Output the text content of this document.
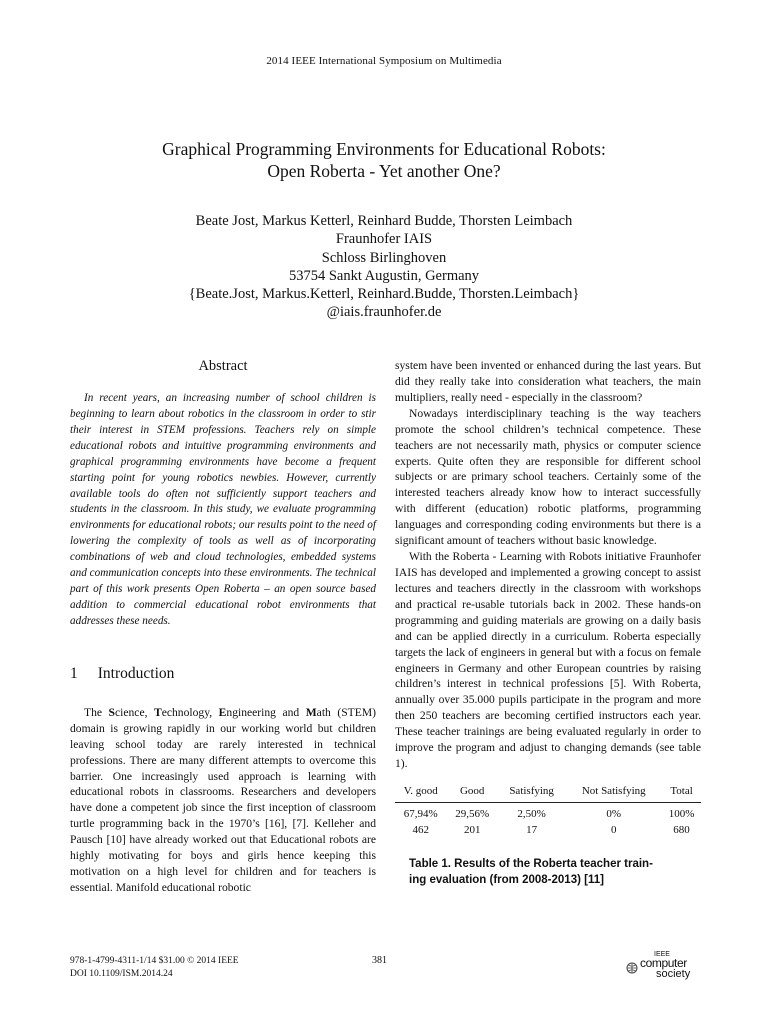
2014 IEEE International Symposium on Multimedia
Graphical Programming Environments for Educational Robots:
Open Roberta - Yet another One?
Beate Jost, Markus Ketterl, Reinhard Budde, Thorsten Leimbach
Fraunhofer IAIS
Schloss Birlinghoven
53754 Sankt Augustin, Germany
{Beate.Jost, Markus.Ketterl, Reinhard.Budde, Thorsten.Leimbach}
@iais.fraunhofer.de
Abstract

In recent years, an increasing number of school children is beginning to learn about robotics in the classroom in order to stir their interest in STEM professions. Teachers rely on simple educational robots and intuitive programming environments and graphical programming environments have become a frequent starting point for young robotics newbies. However, currently available tools do often not sufficiently support teachers and students in the classroom. In this study, we evaluate programming environments for educational robots; our results point to the need of lowering the complexity of tools as well as of incorporating combinations of web and cloud technologies, embedded systems and communication concepts into these environments. The technical part of this work presents Open Roberta – an open source based addition to commercial educational robot environments that addresses these needs.

1 Introduction

The Science, Technology, Engineering and Math (STEM) domain is growing rapidly in our working world but children leaving school today are rarely interested in technical professions. There are many different attempts to overcome this barrier. One increasingly used approach is learning with educational robots in classrooms. Researchers and developers have done a competent job since the first inception of classroom turtle programming back in the 1970’s [16], [7]. Kelleher and Pausch [10] have already worked out that Educational robots are highly motivating for boys and girls hence keeping this motivation on a high level for children and for teachers is essential. Manifold educational robotic

system have been invented or enhanced during the last years. But did they really take into consideration what teachers, the main multipliers, really need - especially in the classroom?

Nowadays interdisciplinary teaching is the way teachers promote the school children’s technical competence. These teachers are not necessarily math, physics or computer science experts. Quite often they are responsible for different school subjects or are primary school teachers. Certainly some of the interested teachers already know how to interact successfully with different (education) robotic platforms, programming languages and corresponding coding environments but there is a significant amount of teachers without basic knowledge.

With the Roberta - Learning with Robots initiative Fraunhofer IAIS has developed and implemented a growing concept to assist lectures and teachers directly in the classroom with workshops and practical re-usable tutorials back in 2002. These hands-on programming and guiding materials are growing on a daily basis and can be applied directly in a curriculum. Roberta especially targets the lack of engineers in general but with a focus on female engineers in Germany and other European countries by raising children’s interest in technical professions [5]. With Roberta, annually over 35.000 pupils participate in the program and more then 250 teachers are becoming certified instructors each year. These teacher trainings are being evaluated regularly in order to improve the program and adjust to changing demands (see table 1).

V. good	Good	Satisfying	Not Satisfying	Total
67,94%	29,56%	2,50%	0%	100%
462	201	17	0	680
Table 1. Results of the Roberta teacher train-
ing evaluation (from 2008-2013) [11]
978-1-4799-4311-1/14 $31.00 © 2014 IEEE
DOI 10.1109/ISM.2014.24
381
IEEE
computer
society
